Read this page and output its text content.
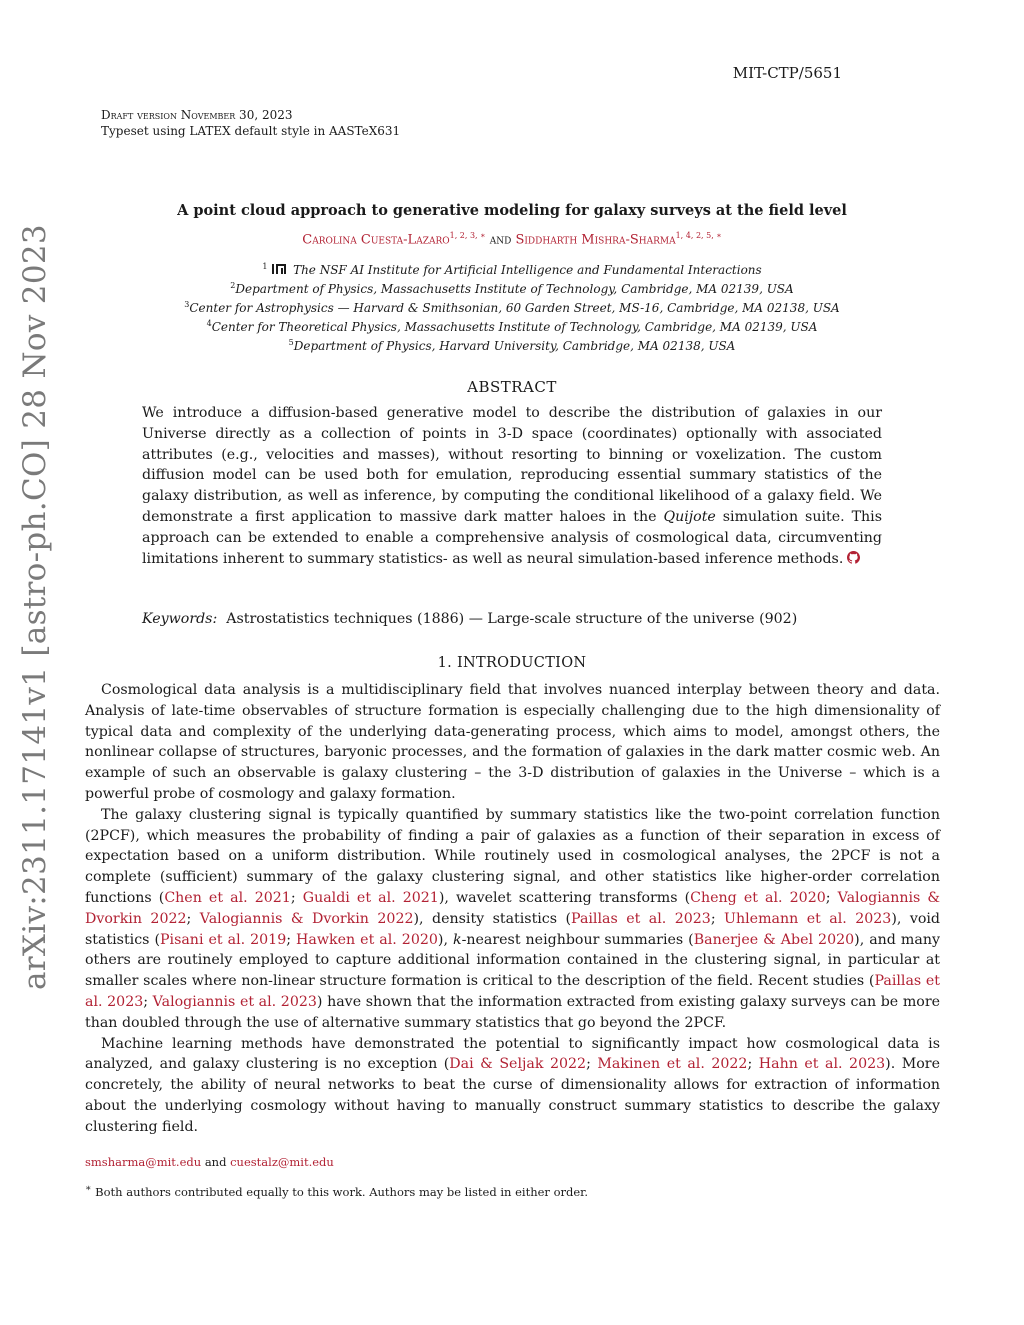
arXiv:2311.17141v1 [astro-ph.CO] 28 Nov 2023
MIT-CTP/5651
Draft version November 30, 2023
Typeset using LATEX default style in AASTeX631
A point cloud approach to generative modeling for galaxy surveys at the field level
Carolina Cuesta-Lazaro$^{1, 2, 3, ∗}$ and Siddharth Mishra-Sharma$^{1, 4, 2, 5, ∗}$
$^1$ The NSF AI Institute for Artificial Intelligence and Fundamental Interactions
$^2$Department of Physics, Massachusetts Institute of Technology, Cambridge, MA 02139, USA
$^3$Center for Astrophysics — Harvard & Smithsonian, 60 Garden Street, MS-16, Cambridge, MA 02138, USA
$^4$Center for Theoretical Physics, Massachusetts Institute of Technology, Cambridge, MA 02139, USA
$^5$Department of Physics, Harvard University, Cambridge, MA 02138, USA
ABSTRACT
We introduce a diffusion-based generative model to describe the distribution of galaxies in our Universe directly as a collection of points in 3-D space (coordinates) optionally with associated attributes (e.g., velocities and masses), without resorting to binning or voxelization. The custom diffusion model can be used both for emulation, reproducing essential summary statistics of the galaxy distribution, as well as inference, by computing the conditional likelihood of a galaxy field. We demonstrate a first application to massive dark matter haloes in the Quijote simulation suite. This approach can be extended to enable a comprehensive analysis of cosmological data, circumventing limitations inherent to summary statistics- as well as neural simulation-based inference methods.
Keywords: Astrostatistics techniques (1886) — Large-scale structure of the universe (902)
1. INTRODUCTION

Cosmological data analysis is a multidisciplinary field that involves nuanced interplay between theory and data. Analysis of late-time observables of structure formation is especially challenging due to the high dimensionality of typical data and complexity of the underlying data-generating process, which aims to model, amongst others, the nonlinear collapse of structures, baryonic processes, and the formation of galaxies in the dark matter cosmic web. An example of such an observable is galaxy clustering – the 3-D distribution of galaxies in the Universe – which is a powerful probe of cosmology and galaxy formation.

The galaxy clustering signal is typically quantified by summary statistics like the two-point correlation function (2PCF), which measures the probability of finding a pair of galaxies as a function of their separation in excess of expectation based on a uniform distribution. While routinely used in cosmological analyses, the 2PCF is not a complete (sufficient) summary of the galaxy clustering signal, and other statistics like higher-order correlation functions (Chen et al. 2021; Gualdi et al. 2021), wavelet scattering transforms (Cheng et al. 2020; Valogiannis & Dvorkin 2022; Valogiannis & Dvorkin 2022), density statistics (Paillas et al. 2023; Uhlemann et al. 2023), void statistics (Pisani et al. 2019; Hawken et al. 2020), k-nearest neighbour summaries (Banerjee & Abel 2020), and many others are routinely employed to capture additional information contained in the clustering signal, in particular at smaller scales where non-linear structure formation is critical to the description of the field. Recent studies (Paillas et al. 2023; Valogiannis et al. 2023) have shown that the information extracted from existing galaxy surveys can be more than doubled through the use of alternative summary statistics that go beyond the 2PCF.

Machine learning methods have demonstrated the potential to significantly impact how cosmological data is analyzed, and galaxy clustering is no exception (Dai & Seljak 2022; Makinen et al. 2022; Hahn et al. 2023). More concretely, the ability of neural networks to beat the curse of dimensionality allows for extraction of information about the underlying cosmology without having to manually construct summary statistics to describe the galaxy clustering field.

smsharma@mit.edu and cuestalz@mit.edu
∗ Both authors contributed equally to this work. Authors may be listed in either order.
